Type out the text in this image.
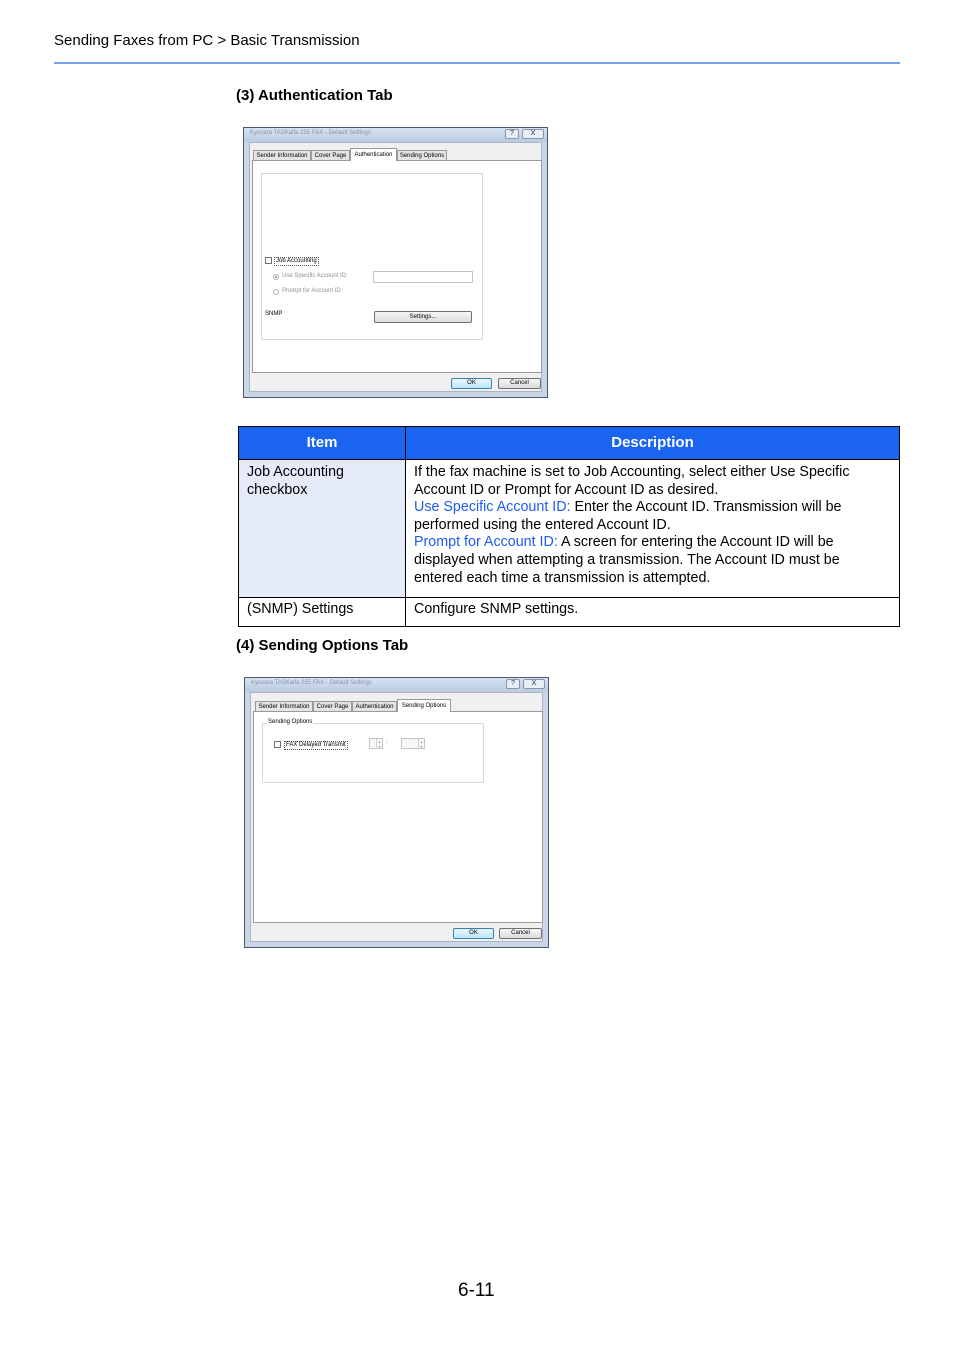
Sending Faxes from PC > Basic Transmission
(3) Authentication Tab
Kyocera TASKalfa 255 FAX - Default Settings	?	X
Sender Information	Cover Page	Authentication	Sending Options
Job Accounting
Use Specific Account ID:
Prompt for Account ID
SNMP	Settings...
OK	Cancel
Item	Description
Job Accounting checkbox	If the fax machine is set to Job Accounting, select either Use Specific Account ID or Prompt for Account ID as desired.
Use Specific Account ID: Enter the Account ID. Transmission will be performed using the entered Account ID.
Prompt for Account ID: A screen for entering the Account ID will be displayed when attempting a transmission. The Account ID must be entered each time a transmission is attempted.
(SNMP) Settings	Configure SNMP settings.
(4) Sending Options Tab
Kyocera TASKalfa 255 FAX - Default Settings	?	X
Sender Information	Cover Page	Authentication	Sending Options
Sending Options
FAX Delayed Transmit
▴
▾
:	▴
▾
OK	Cancel
6-11
